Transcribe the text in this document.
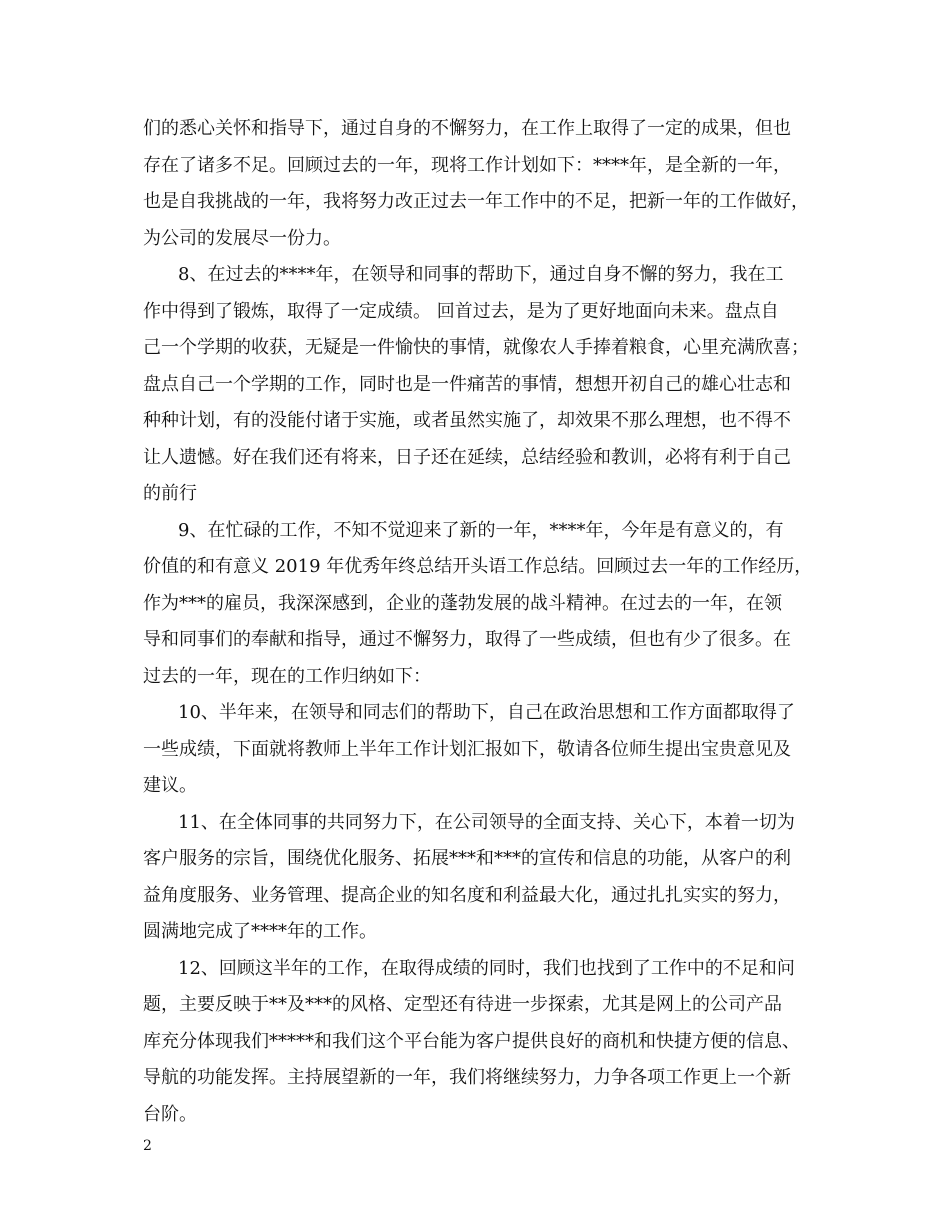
们的悉心关怀和指导下，通过自身的不懈努力，在工作上取得了一定的成果，但也
存在了诸多不足。回顾过去的一年，现将工作计划如下：****年，是全新的一年，
也是自我挑战的一年，我将努力改正过去一年工作中的不足，把新一年的工作做好，
为公司的发展尽一份力。

8、在过去的****年，在领导和同事的帮助下，通过自身不懈的努力，我在工
作中得到了锻炼，取得了一定成绩。 回首过去，是为了更好地面向未来。盘点自
己一个学期的收获，无疑是一件愉快的事情，就像农人手捧着粮食，心里充满欣喜；
盘点自己一个学期的工作，同时也是一件痛苦的事情，想想开初自己的雄心壮志和
种种计划，有的没能付诸于实施，或者虽然实施了，却效果不那么理想，也不得不
让人遗憾。好在我们还有将来，日子还在延续，总结经验和教训，必将有利于自己
的前行

9、在忙碌的工作，不知不觉迎来了新的一年，****年，今年是有意义的，有
价值的和有意义 2019 年优秀年终总结开头语工作总结。回顾过去一年的工作经历，
作为***的雇员，我深深感到，企业的蓬勃发展的战斗精神。在过去的一年，在领
导和同事们的奉献和指导，通过不懈努力，取得了一些成绩，但也有少了很多。在
过去的一年，现在的工作归纳如下：

10、半年来，在领导和同志们的帮助下，自己在政治思想和工作方面都取得了
一些成绩，下面就将教师上半年工作计划汇报如下，敬请各位师生提出宝贵意见及
建议。

11、在全体同事的共同努力下，在公司领导的全面支持、关心下，本着一切为
客户服务的宗旨，围绕优化服务、拓展***和***的宣传和信息的功能，从客户的利
益角度服务、业务管理、提高企业的知名度和利益最大化，通过扎扎实实的努力，
圆满地完成了****年的工作。

12、回顾这半年的工作，在取得成绩的同时，我们也找到了工作中的不足和问
题，主要反映于**及***的风格、定型还有待进一步探索，尤其是网上的公司产品
库充分体现我们*****和我们这个平台能为客户提供良好的商机和快捷方便的信息、
导航的功能发挥。主持展望新的一年，我们将继续努力，力争各项工作更上一个新
台阶。

2
